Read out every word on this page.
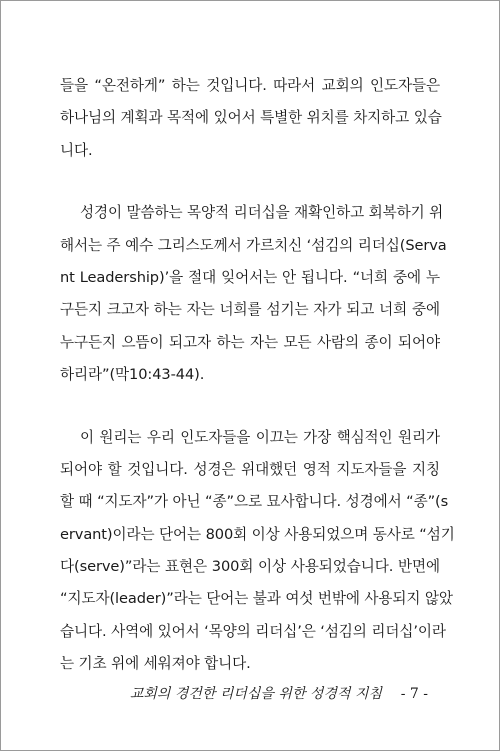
들을 “온전하게” 하는 것입니다. 따라서 교회의 인도자들은
하나님의 계획과 목적에 있어서 특별한 위치를 차지하고 있습
니다.
성경이 말씀하는 목양적 리더십을 재확인하고 회복하기 위
해서는 주 예수 그리스도께서 가르치신 ‘섬김의 리더십(Serva
nt Leadership)’을 절대 잊어서는 안 됩니다. “너희 중에 누
구든지 크고자 하는 자는 너희를 섬기는 자가 되고 너희 중에
누구든지 으뜸이 되고자 하는 자는 모든 사람의 종이 되어야
하리라”(막10:43-44).
이 원리는 우리 인도자들을 이끄는 가장 핵심적인 원리가
되어야 할 것입니다. 성경은 위대했던 영적 지도자들을 지칭
할 때 “지도자”가 아닌 “종”으로 묘사합니다. 성경에서 “종”(s
ervant)이라는 단어는 800회 이상 사용되었으며 동사로 “섬기
다(serve)”라는 표현은 300회 이상 사용되었습니다. 반면에
“지도자(leader)”라는 단어는 불과 여섯 번밖에 사용되지 않았
습니다. 사역에 있어서 ‘목양의 리더십’은 ‘섬김의 리더십’이라
는 기초 위에 세워져야 합니다.
교회의 경건한 리더십을 위한 성경적 지침 - 7 -
